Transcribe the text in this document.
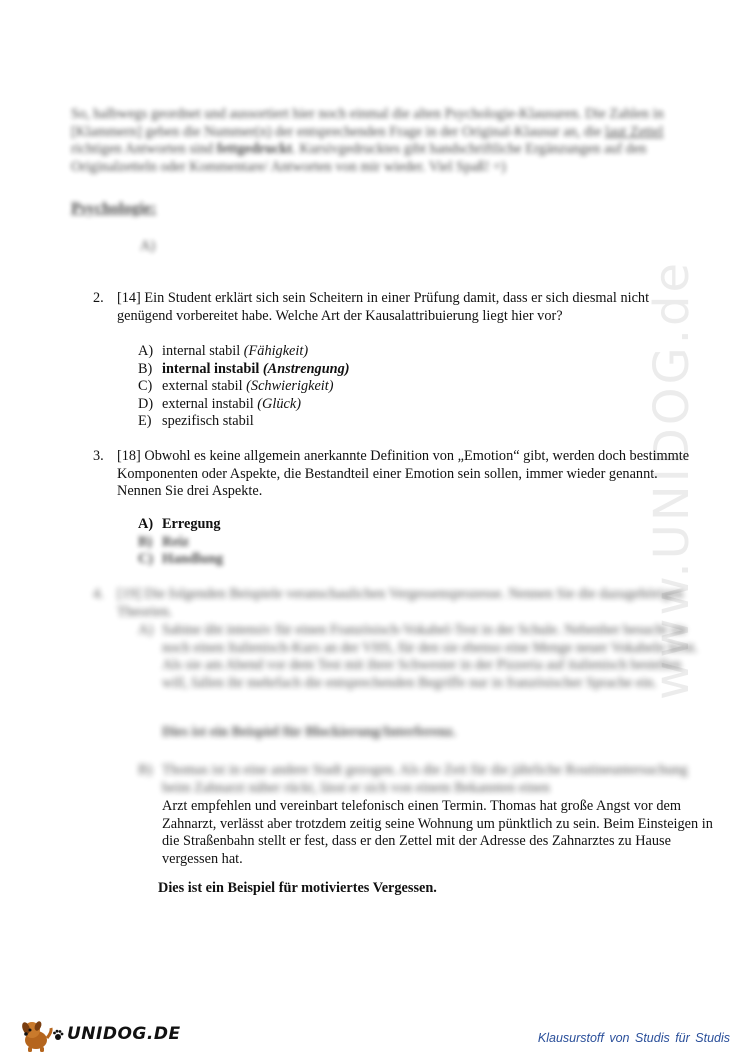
www.UNIDOG.de

So, halbwegs geordnet und aussortiert hier noch einmal die alten Psychologie-Klausuren. Die Zahlen in [Klammern] geben die Nummer(n) der entsprechenden Frage in der Original-Klausur an, die laut Zettel richtigen Antworten sind fettgedruckt. Kursivgedrucktes gibt handschriftliche Ergänzungen auf den Originalzetteln oder Kommentare/ Antworten von mir wieder. Viel Spaß! =)

Psychologie:
A)
2. [14] Ein Student erklärt sich sein Scheitern in einer Prüfung damit, dass er sich diesmal nicht genügend vorbereitet habe. Welche Art der Kausalattribuierung liegt hier vor?
A) internal stabil (Fähigkeit)
B) internal instabil (Anstrengung)
C) external stabil (Schwierigkeit)
D) external instabil (Glück)
E) spezifisch stabil
3. [18] Obwohl es keine allgemein anerkannte Definition von „Emotion“ gibt, werden doch bestimmte Komponenten oder Aspekte, die Bestandteil einer Emotion sein sollen, immer wieder genannt. Nennen Sie drei Aspekte.
A) Erregung
B) Reiz
C) Handlung
4. [19] Die folgenden Beispiele veranschaulichen Vergessensprozesse. Nennen Sie die dazugehörigen Theorien.
A) Sabine übt intensiv für einen Französisch-Vokabel-Test in der Schule. Nebenher besucht sie noch einen Italienisch-Kurs an der VHS, für den sie ebenso eine Menge neuer Vokabeln lernt. Als sie am Abend vor dem Test mit ihrer Schwester in der Pizzeria auf italienisch bestellen will, fallen ihr mehrfach die entsprechenden Begriffe nur in französischer Sprache ein.
Dies ist ein Beispiel für Blockierung/Interferenz.
B) Thomas ist in eine andere Stadt gezogen. Als die Zeit für die jährliche Routineuntersuchung beim Zahnarzt näher rückt, lässt er sich von einem Bekannten einen
Arzt empfehlen und vereinbart telefonisch einen Termin. Thomas hat große Angst vor dem Zahnarzt, verlässt aber trotzdem zeitig seine Wohnung um pünktlich zu sein. Beim Einsteigen in die Straßenbahn stellt er fest, dass er den Zettel mit der Adresse des Zahnarztes zu Hause vergessen hat.
Dies ist ein Beispiel für motiviertes Vergessen.
UNIDOG.DE	Klausurstoff von Studis für Studis
